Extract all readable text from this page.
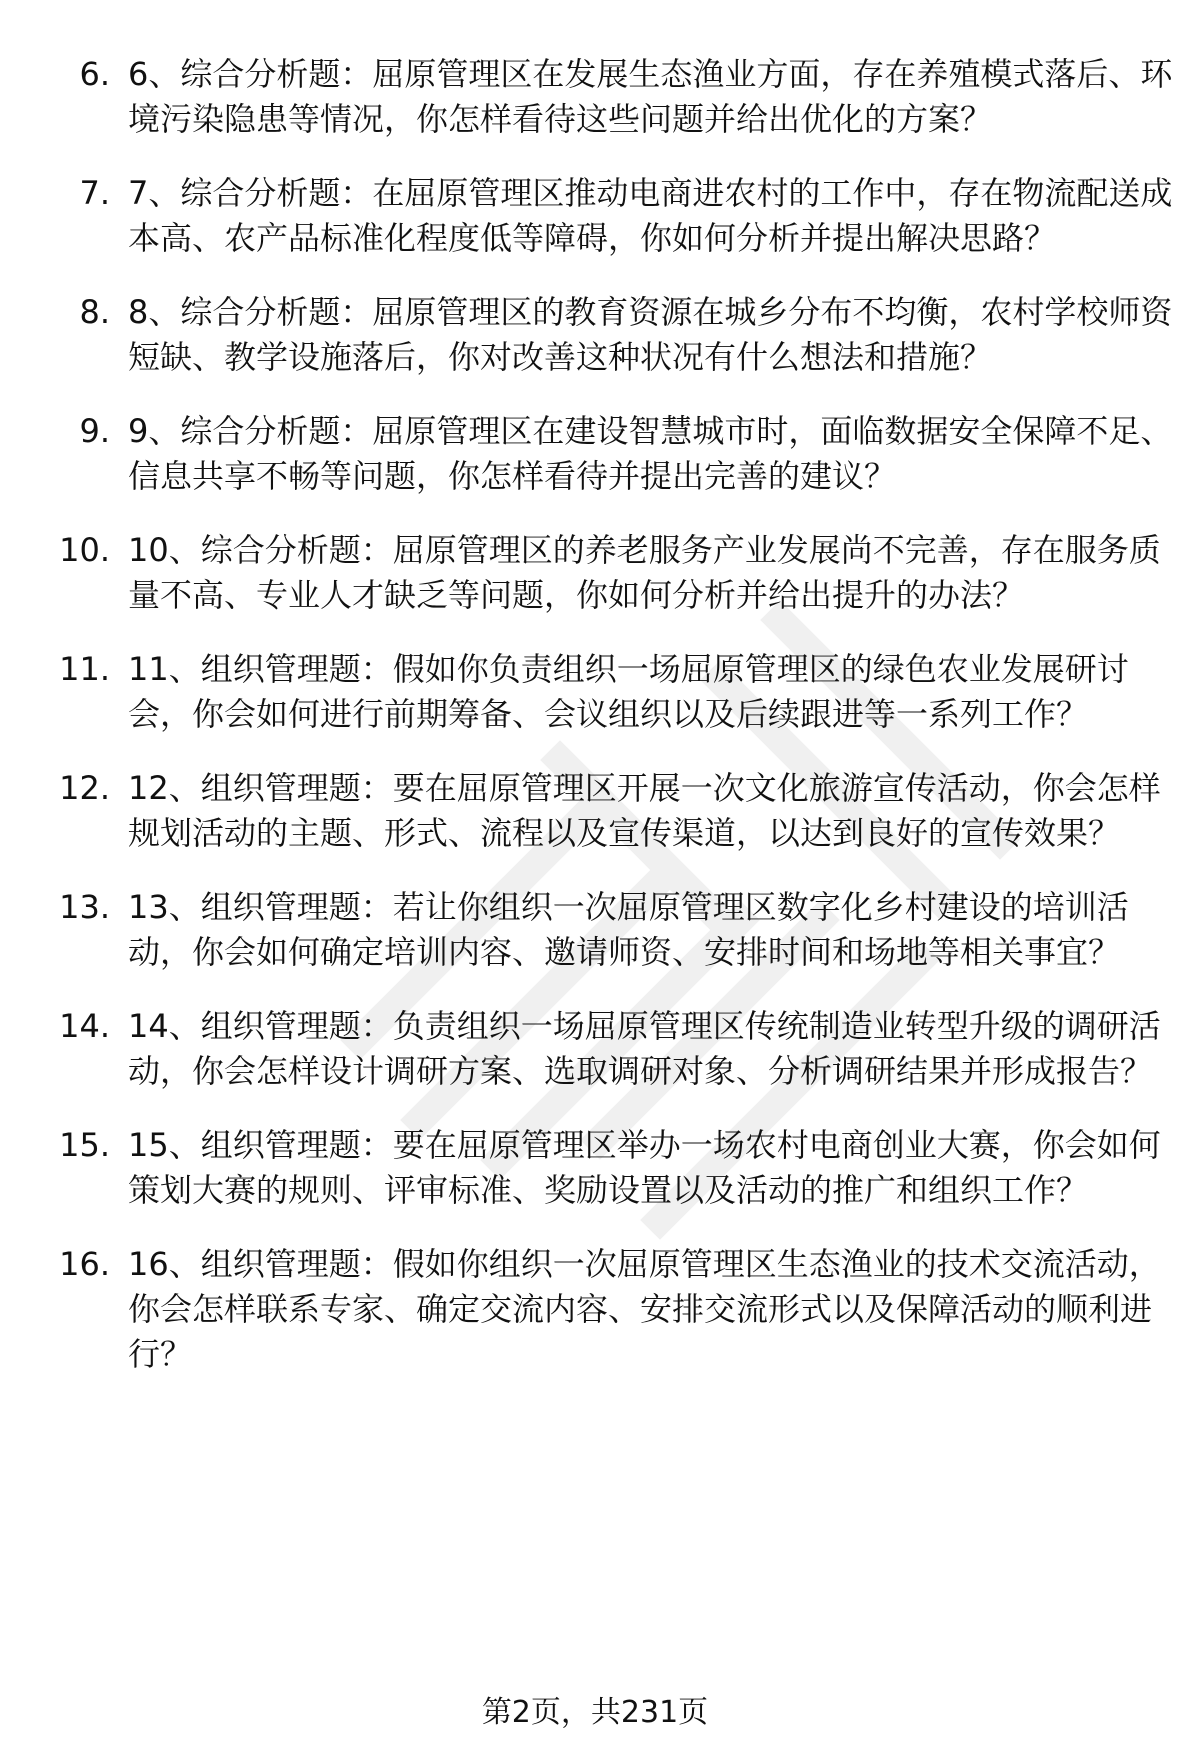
6. 6、综合分析题：屈原管理区在发展生态渔业方面，存在养殖模式落后、环境污染隐患等情况，你怎样看待这些问题并给出优化的方案？
7. 7、综合分析题：在屈原管理区推动电商进农村的工作中，存在物流配送成本高、农产品标准化程度低等障碍，你如何分析并提出解决思路？
8. 8、综合分析题：屈原管理区的教育资源在城乡分布不均衡，农村学校师资短缺、教学设施落后，你对改善这种状况有什么想法和措施？
9. 9、综合分析题：屈原管理区在建设智慧城市时，面临数据安全保障不足、信息共享不畅等问题，你怎样看待并提出完善的建议？
10. 10、综合分析题：屈原管理区的养老服务产业发展尚不完善，存在服务质量不高、专业人才缺乏等问题，你如何分析并给出提升的办法？
11. 11、组织管理题：假如你负责组织一场屈原管理区的绿色农业发展研讨会，你会如何进行前期筹备、会议组织以及后续跟进等一系列工作？
12. 12、组织管理题：要在屈原管理区开展一次文化旅游宣传活动，你会怎样规划活动的主题、形式、流程以及宣传渠道，以达到良好的宣传效果？
13. 13、组织管理题：若让你组织一次屈原管理区数字化乡村建设的培训活动，你会如何确定培训内容、邀请师资、安排时间和场地等相关事宜？
14. 14、组织管理题：负责组织一场屈原管理区传统制造业转型升级的调研活动，你会怎样设计调研方案、选取调研对象、分析调研结果并形成报告？
15. 15、组织管理题：要在屈原管理区举办一场农村电商创业大赛，你会如何策划大赛的规则、评审标准、奖励设置以及活动的推广和组织工作？
16. 16、组织管理题：假如你组织一次屈原管理区生态渔业的技术交流活动，你会怎样联系专家、确定交流内容、安排交流形式以及保障活动的顺利进行？
第2页，共231页
